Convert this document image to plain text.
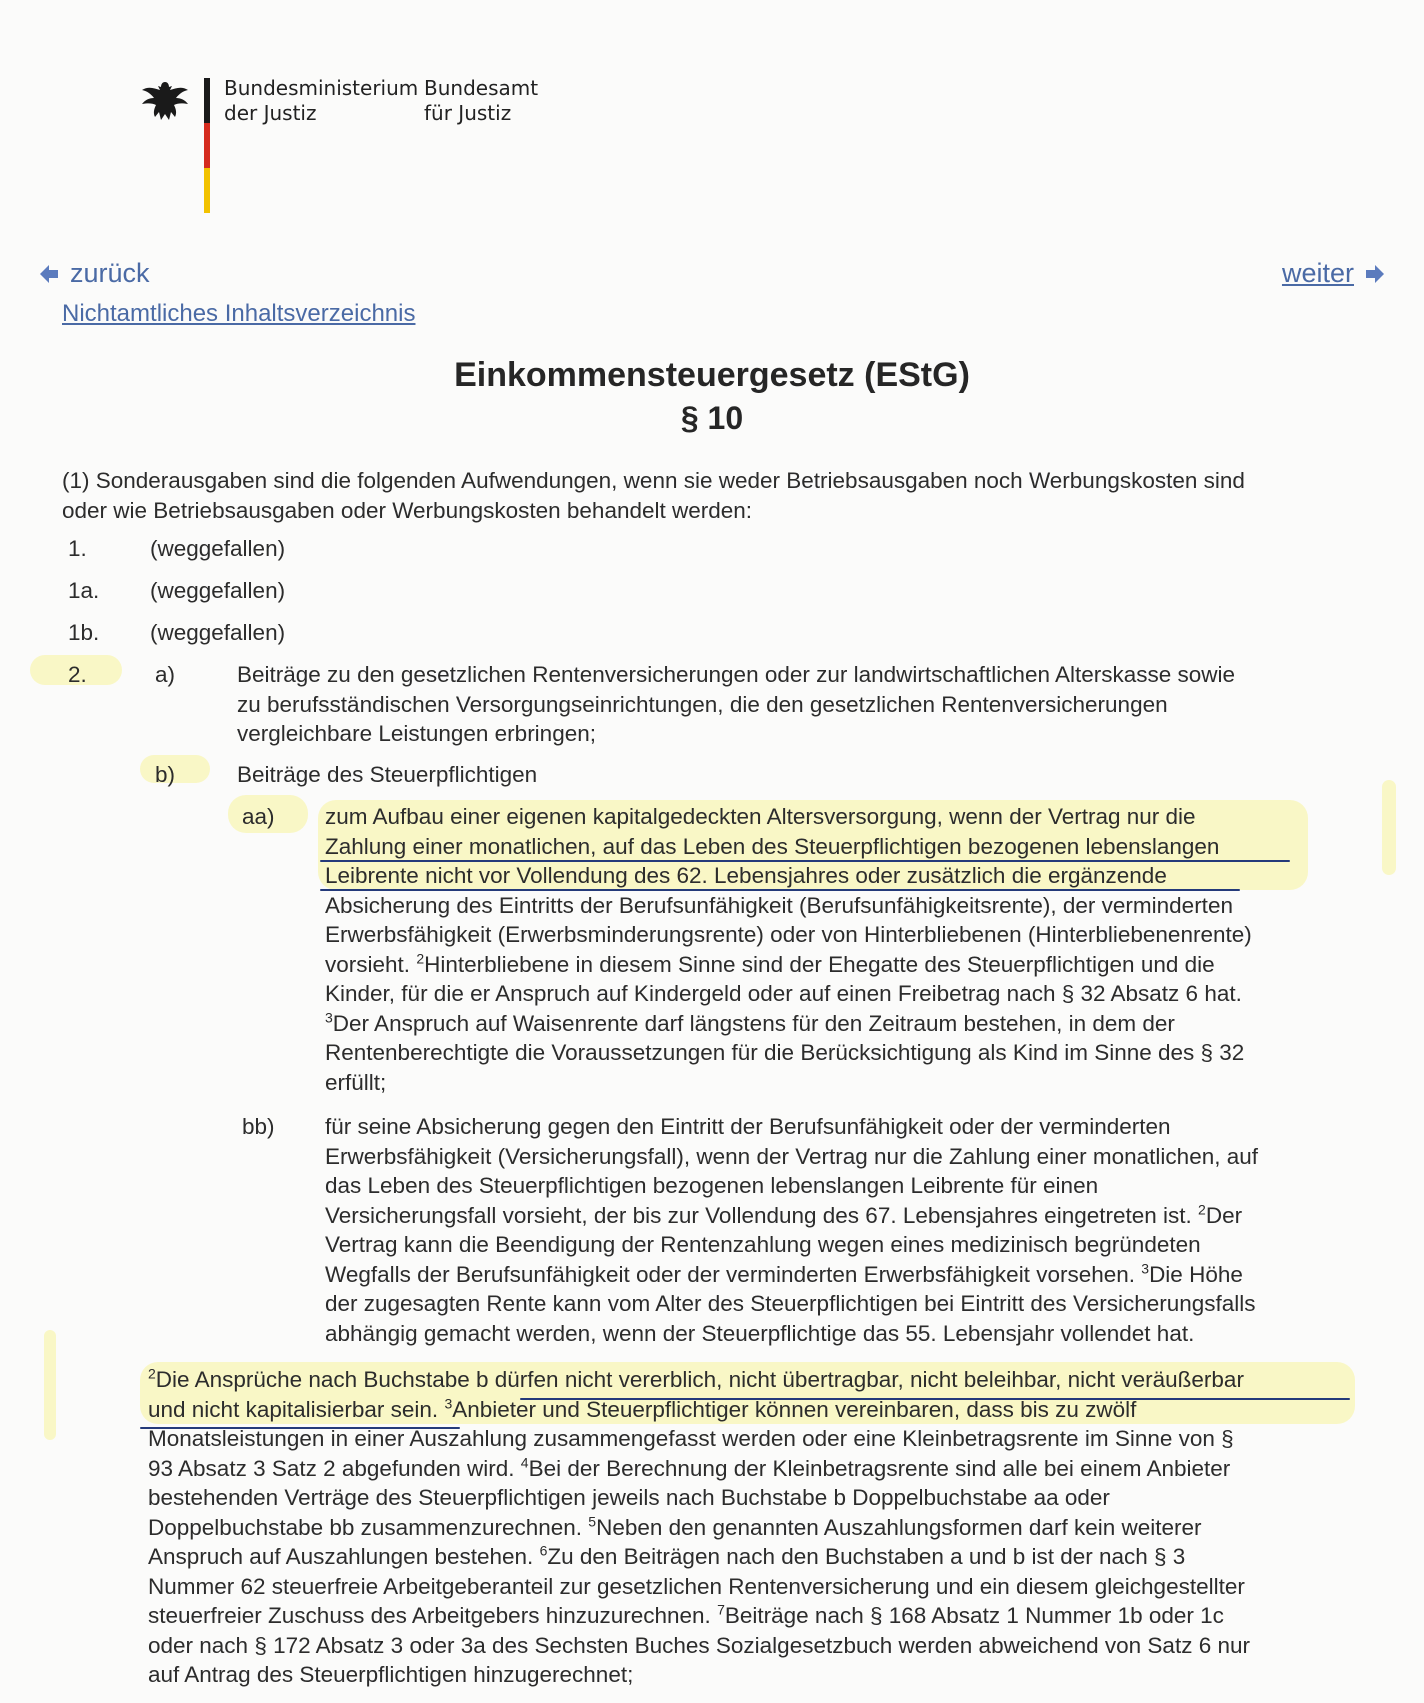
Bundesministerium
der Justiz
Bundesamt
für Justiz
zurück
Nichtamtliches Inhaltsverzeichnis
weiter
Einkommensteuergesetz (EStG)
§ 10
(1) Sonderausgaben sind die folgenden Aufwendungen, wenn sie weder Betriebsausgaben noch Werbungskosten sind
oder wie Betriebsausgaben oder Werbungskosten behandelt werden:
1.	(weggefallen)
1a. (weggefallen)
1b. (weggefallen)
2.	a)	Beiträge zu den gesetzlichen Rentenversicherungen oder zur landwirtschaftlichen Alterskasse sowie
zu berufsständischen Versorgungseinrichtungen, die den gesetzlichen Rentenversicherungen
vergleichbare Leistungen erbringen;
b)	Beiträge des Steuerpflichtigen
aa) zum Aufbau einer eigenen kapitalgedeckten Altersversorgung, wenn der Vertrag nur die
Zahlung einer monatlichen, auf das Leben des Steuerpflichtigen bezogenen lebenslangen
Leibrente nicht vor Vollendung des 62. Lebensjahres oder zusätzlich die ergänzende
Absicherung des Eintritts der Berufsunfähigkeit (Berufsunfähigkeitsrente), der verminderten
Erwerbsfähigkeit (Erwerbsminderungsrente) oder von Hinterbliebenen (Hinterbliebenenrente)
vorsieht. $^2$Hinterbliebene in diesem Sinne sind der Ehegatte des Steuerpflichtigen und die
Kinder, für die er Anspruch auf Kindergeld oder auf einen Freibetrag nach § 32 Absatz 6 hat.
$^3$Der Anspruch auf Waisenrente darf längstens für den Zeitraum bestehen, in dem der
Rentenberechtigte die Voraussetzungen für die Berücksichtigung als Kind im Sinne des § 32
erfüllt;
bb) für seine Absicherung gegen den Eintritt der Berufsunfähigkeit oder der verminderten
Erwerbsfähigkeit (Versicherungsfall), wenn der Vertrag nur die Zahlung einer monatlichen, auf
das Leben des Steuerpflichtigen bezogenen lebenslangen Leibrente für einen
Versicherungsfall vorsieht, der bis zur Vollendung des 67. Lebensjahres eingetreten ist. $^2$Der
Vertrag kann die Beendigung der Rentenzahlung wegen eines medizinisch begründeten
Wegfalls der Berufsunfähigkeit oder der verminderten Erwerbsfähigkeit vorsehen. $^3$Die Höhe
der zugesagten Rente kann vom Alter des Steuerpflichtigen bei Eintritt des Versicherungsfalls
abhängig gemacht werden, wenn der Steuerpflichtige das 55. Lebensjahr vollendet hat.
$^2$Die Ansprüche nach Buchstabe b dürfen nicht vererblich, nicht übertragbar, nicht beleihbar, nicht veräußerbar
und nicht kapitalisierbar sein. $^3$Anbieter und Steuerpflichtiger können vereinbaren, dass bis zu zwölf
Monatsleistungen in einer Auszahlung zusammengefasst werden oder eine Kleinbetragsrente im Sinne von §
93 Absatz 3 Satz 2 abgefunden wird. $^4$Bei der Berechnung der Kleinbetragsrente sind alle bei einem Anbieter
bestehenden Verträge des Steuerpflichtigen jeweils nach Buchstabe b Doppelbuchstabe aa oder
Doppelbuchstabe bb zusammenzurechnen. $^5$Neben den genannten Auszahlungsformen darf kein weiterer
Anspruch auf Auszahlungen bestehen. $^6$Zu den Beiträgen nach den Buchstaben a und b ist der nach § 3
Nummer 62 steuerfreie Arbeitgeberanteil zur gesetzlichen Rentenversicherung und ein diesem gleichgestellter
steuerfreier Zuschuss des Arbeitgebers hinzuzurechnen. $^7$Beiträge nach § 168 Absatz 1 Nummer 1b oder 1c
oder nach § 172 Absatz 3 oder 3a des Sechsten Buches Sozialgesetzbuch werden abweichend von Satz 6 nur
auf Antrag des Steuerpflichtigen hinzugerechnet;
